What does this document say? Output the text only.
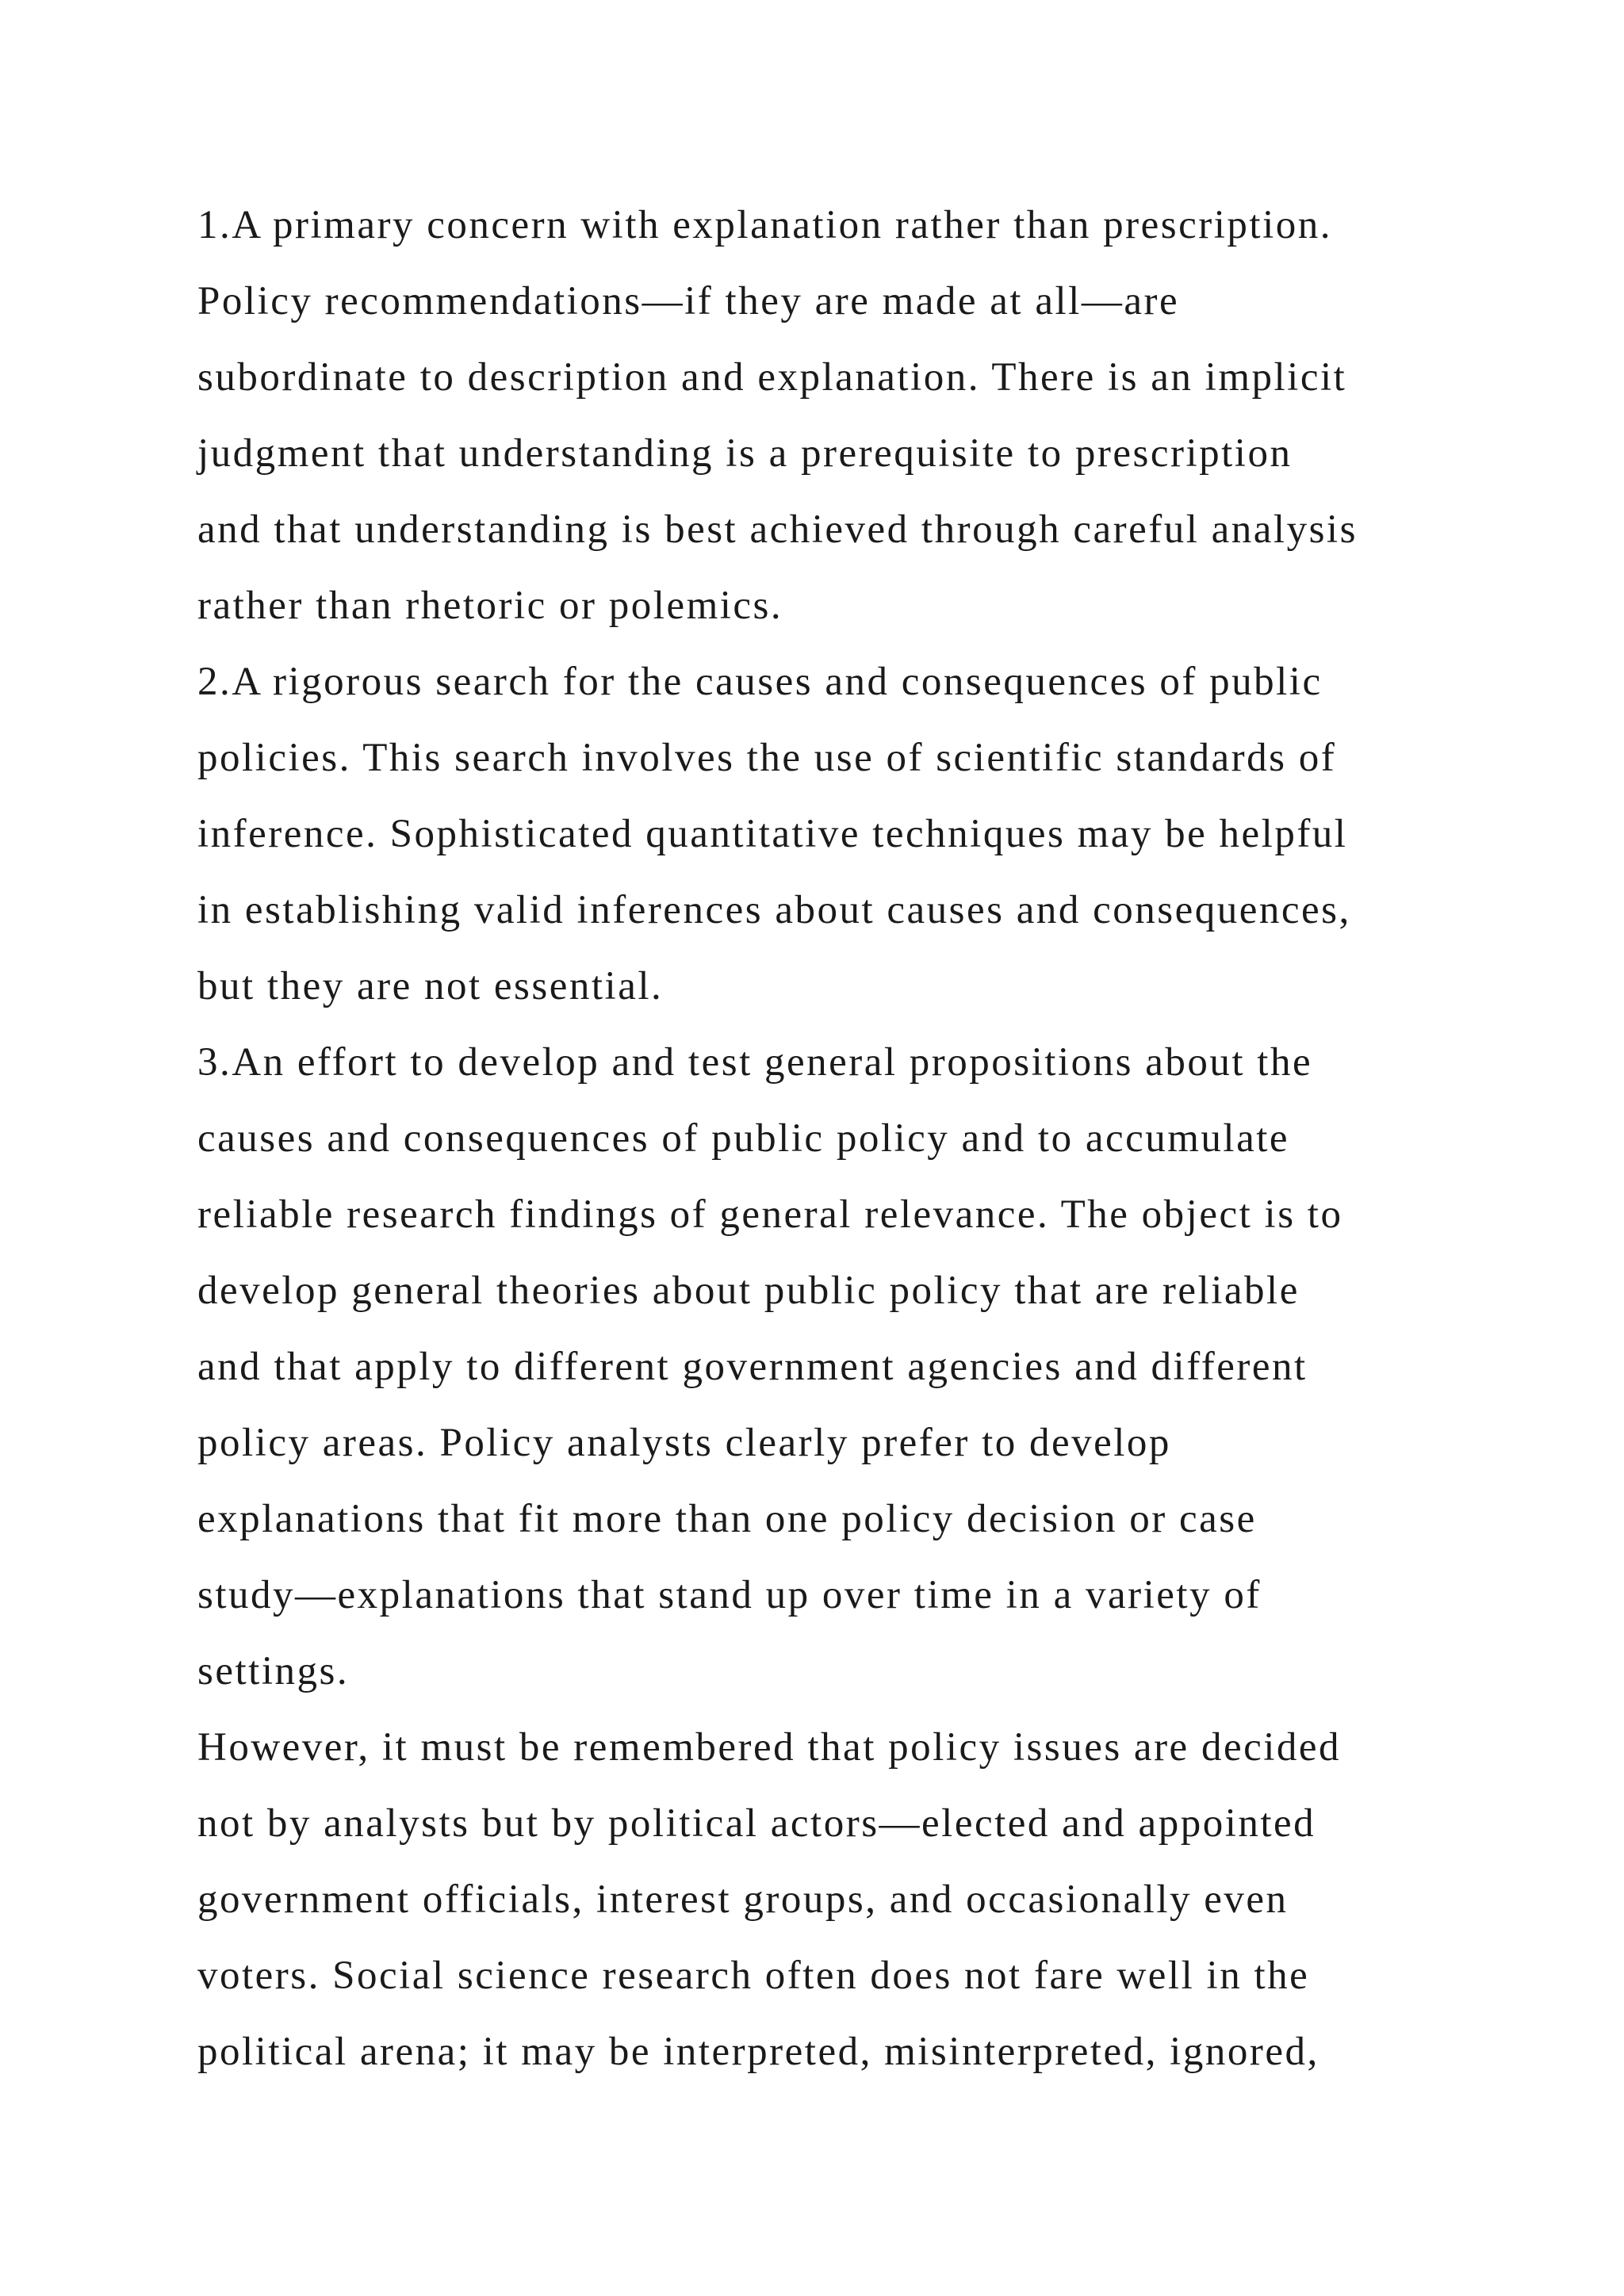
1.A primary concern with explanation rather than prescription.
Policy recommendations—if they are made at all—are
subordinate to description and explanation. There is an implicit
judgment that understanding is a prerequisite to prescription
and that understanding is best achieved through careful analysis
rather than rhetoric or polemics.
2.A rigorous search for the causes and consequences of public
policies. This search involves the use of scientific standards of
inference. Sophisticated quantitative techniques may be helpful
in establishing valid inferences about causes and consequences,
but they are not essential.
3.An effort to develop and test general propositions about the
causes and consequences of public policy and to accumulate
reliable research findings of general relevance. The object is to
develop general theories about public policy that are reliable
and that apply to different government agencies and different
policy areas. Policy analysts clearly prefer to develop
explanations that fit more than one policy decision or case
study—explanations that stand up over time in a variety of
settings.
However, it must be remembered that policy issues are decided
not by analysts but by political actors—elected and appointed
government officials, interest groups, and occasionally even
voters. Social science research often does not fare well in the
political arena; it may be interpreted, misinterpreted, ignored,
